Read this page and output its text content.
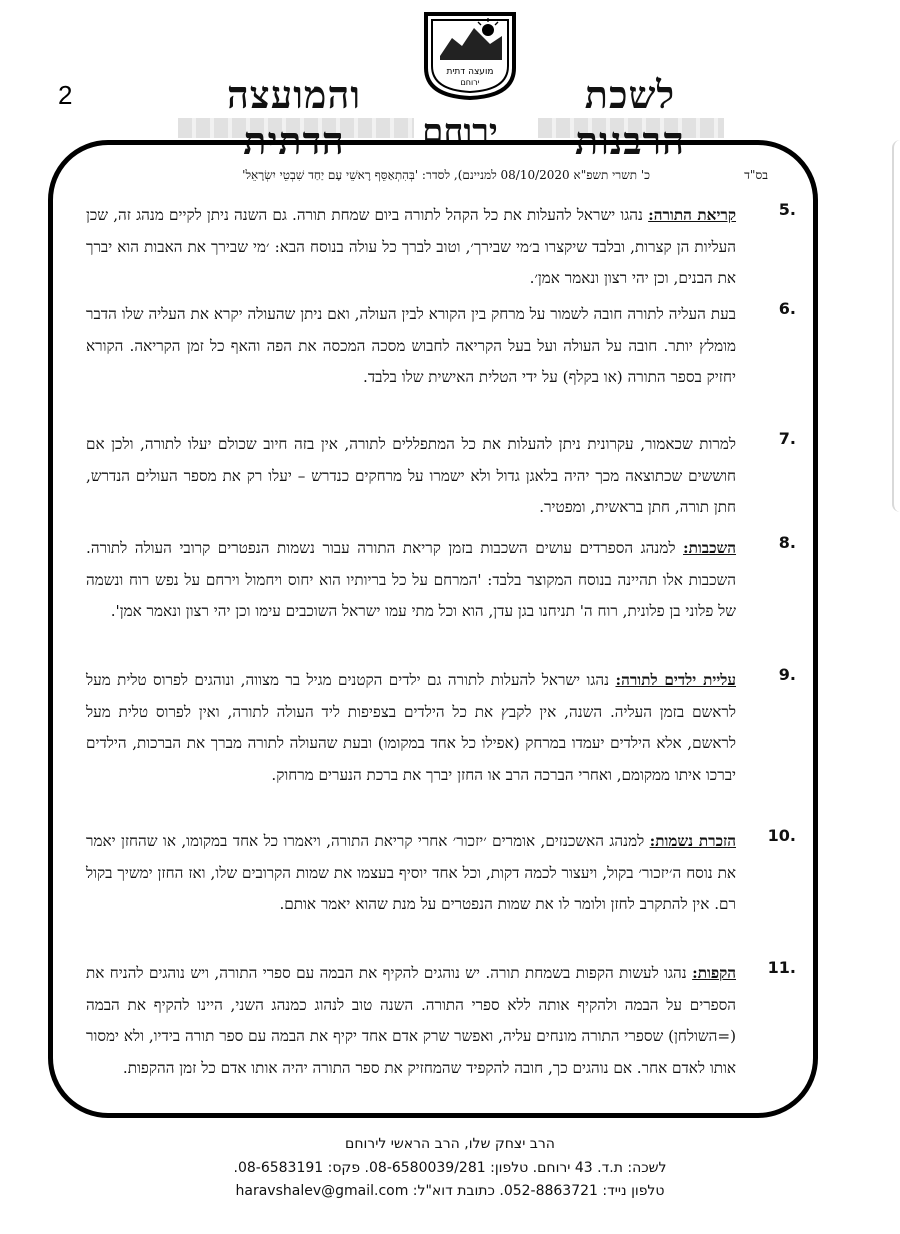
2	לשכת הרבנות
והמועצה הדתית	ירוחם
מועצה דתית
ירוחם
בס"ד
כ' תשרי תשפ"א 08/10/2020 למניינם), לסדר: 'בְּהִתְאַסֵּף רָאשֵׁי עָם יַחַד שִׁבְטֵי יִשְׂרָאֵל'
5.
קריאת התורה: נהגו ישראל להעלות את כל הקהל לתורה ביום שמחת תורה. גם השנה ניתן לקיים מנהג זה, שכן העליות הן קצרות, ובלבד שיקצרו ב׳מי שבירך׳, וטוב לברך כל עולה בנוסח הבא: ׳מי שבירך את האבות הוא יברך את הבנים, וכן יהי רצון ונאמר אמן׳.
6.
בעת העליה לתורה חובה לשמור על מרחק בין הקורא לבין העולה, ואם ניתן שהעולה יקרא את העליה שלו הדבר מומלץ יותר. חובה על העולה ועל בעל הקריאה לחבוש מסכה המכסה את הפה והאף כל זמן הקריאה. הקורא יחזיק בספר התורה (או בקלף) על ידי הטלית האישית שלו בלבד.
7.
למרות שכאמור, עקרונית ניתן להעלות את כל המתפללים לתורה, אין בזה חיוב שכולם יעלו לתורה, ולכן אם חוששים שכתוצאה מכך יהיה בלאגן גדול ולא ישמרו על מרחקים כנדרש – יעלו רק את מספר העולים הנדרש, חתן תורה, חתן בראשית, ומפטיר.
8.
השכבות: למנהג הספרדים עושים השכבות בזמן קריאת התורה עבור נשמות הנפטרים קרובי העולה לתורה. השכבות אלו תהיינה בנוסח המקוצר בלבד: 'המרחם על כל בריותיו הוא יחוס ויחמול וירחם על נפש רוח ונשמה של פלוני בן פלונית, רוח ה' תניחנו בגן עדן, הוא וכל מתי עמו ישראל השוכבים עימו וכן יהי רצון ונאמר אמן'.
9.
עליית ילדים לתורה: נהגו ישראל להעלות לתורה גם ילדים הקטנים מגיל בר מצווה, ונוהגים לפרוס טלית מעל לראשם בזמן העליה. השנה, אין לקבץ את כל הילדים בצפיפות ליד העולה לתורה, ואין לפרוס טלית מעל לראשם, אלא הילדים יעמדו במרחק (אפילו כל אחד במקומו) ובעת שהעולה לתורה מברך את הברכות, הילדים יברכו איתו ממקומם, ואחרי הברכה הרב או החזן יברך את ברכת הנערים מרחוק.
10.
הזכרת נשמות: למנהג האשכנזים, אומרים ׳יזכור׳ אחרי קריאת התורה, ויאמרו כל אחד במקומו, או שהחזן יאמר את נוסח ה׳יזכור׳ בקול, ויעצור לכמה דקות, וכל אחד יוסיף בעצמו את שמות הקרובים שלו, ואז החזן ימשיך בקול רם. אין להתקרב לחזן ולומר לו את שמות הנפטרים על מנת שהוא יאמר אותם.
11.
הקפות: נהגו לעשות הקפות בשמחת תורה. יש נוהגים להקיף את הבמה עם ספרי התורה, ויש נוהגים להניח את הספרים על הבמה ולהקיף אותה ללא ספרי התורה. השנה טוב לנהוג כמנהג השני, היינו להקיף את הבמה (=השולחן) שספרי התורה מונחים עליה, ואפשר שרק אדם אחד יקיף את הבמה עם ספר תורה בידיו, ולא ימסור אותו לאדם אחר. אם נוהגים כך, חובה להקפיד שהמחזיק את ספר התורה יהיה אותו אדם כל זמן ההקפות.
הרב יצחק שלו, הרב הראשי לירוחם
לשכה: ת.ד. 43 ירוחם. טלפון: 08-6580039/281. פקס: 08-6583191.
טלפון נייד: 052-8863721. כתובת דוא"ל: haravshalev@gmail.com
